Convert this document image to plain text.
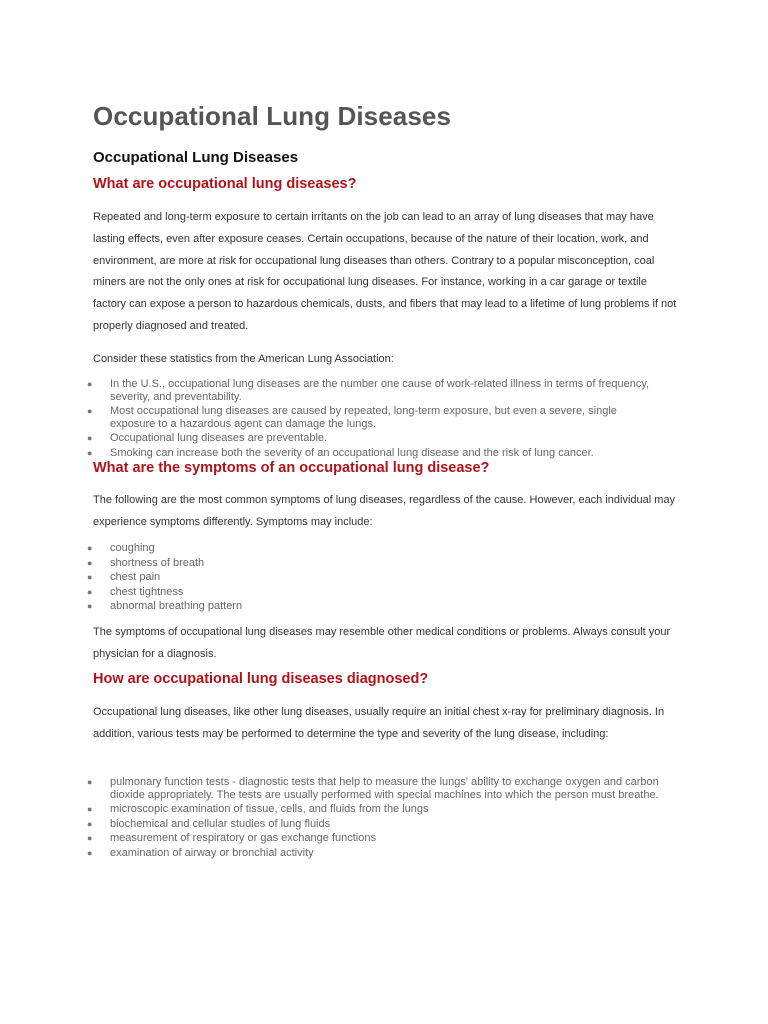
Occupational Lung Diseases
Occupational Lung Diseases
What are occupational lung diseases?

Repeated and long-term exposure to certain irritants on the job can lead to an array of lung diseases that may have lasting effects, even after exposure ceases. Certain occupations, because of the nature of their location, work, and environment, are more at risk for occupational lung diseases than others. Contrary to a popular misconception, coal miners are not the only ones at risk for occupational lung diseases. For instance, working in a car garage or textile factory can expose a person to hazardous chemicals, dusts, and fibers that may lead to a lifetime of lung problems if not properly diagnosed and treated.

Consider these statistics from the American Lung Association:

● In the U.S., occupational lung diseases are the number one cause of work-related illness in terms of frequency, severity, and preventability.
● Most occupational lung diseases are caused by repeated, long-term exposure, but even a severe, single exposure to a hazardous agent can damage the lungs.
● Occupational lung diseases are preventable.
● Smoking can increase both the severity of an occupational lung disease and the risk of lung cancer.
What are the symptoms of an occupational lung disease?

The following are the most common symptoms of lung diseases, regardless of the cause. However, each individual may experience symptoms differently. Symptoms may include:

● coughing
● shortness of breath
● chest pain
● chest tightness
● abnormal breathing pattern

The symptoms of occupational lung diseases may resemble other medical conditions or problems. Always consult your physician for a diagnosis.

How are occupational lung diseases diagnosed?

Occupational lung diseases, like other lung diseases, usually require an initial chest x-ray for preliminary diagnosis. In addition, various tests may be performed to determine the type and severity of the lung disease, including:

● pulmonary function tests - diagnostic tests that help to measure the lungs' ability to exchange oxygen and carbon dioxide appropriately. The tests are usually performed with special machines into which the person must breathe.
● microscopic examination of tissue, cells, and fluids from the lungs
● biochemical and cellular studies of lung fluids
● measurement of respiratory or gas exchange functions
● examination of airway or bronchial activity
